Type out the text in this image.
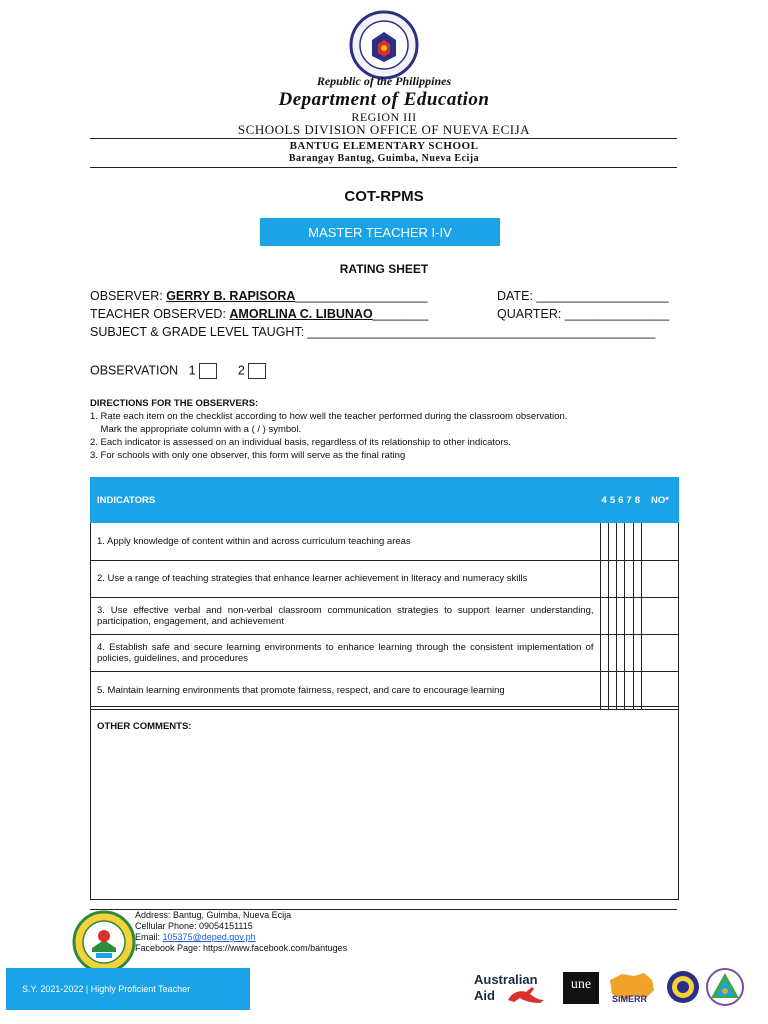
Republic of the Philippines
Department of Education
REGION III
SCHOOLS DIVISION OFFICE OF NUEVA ECIJA
BANTUG ELEMENTARY SCHOOL
Barangay Bantug, Guimba, Nueva Ecija
COT-RPMS
MASTER TEACHER I-IV
RATING SHEET
OBSERVER: GERRY B. RAPISORA___________________	DATE: ___________________
TEACHER OBSERVED: AMORLINA C. LIBUNAO________	QUARTER: _______________
SUBJECT & GRADE LEVEL TAUGHT: __________________________________________________
OBSERVATION 1	2
DIRECTIONS FOR THE OBSERVERS:
1. Rate each item on the checklist according to how well the teacher performed during the classroom observation.
Mark the appropriate column with a ( / ) symbol.
2. Each indicator is assessed on an individual basis, regardless of its relationship to other indicators.
3. For schools with only one observer, this form will serve as the final rating
INDICATORS	4	5	6	7	8	NO*
1. Apply knowledge of content within and across curriculum teaching areas						
2. Use a range of teaching strategies that enhance learner achievement in literacy and numeracy skills						
3. Use effective verbal and non-verbal classroom communication strategies to support learner understanding, participation, engagement, and achievement						
4. Establish safe and secure learning environments to enhance learning through the consistent implementation of policies, guidelines, and procedures						
5. Maintain learning environments that promote fairness, respect, and care to encourage learning						
OTHER COMMENTS:
Address: Bantug, Guimba, Nueva Ecija
Cellular Phone: 09054151115
Email: 105375@deped.gov.ph
Facebook Page: https://www.facebook.com/bantuges
S.Y. 2021-2022 | Highly Proficient Teacher
Australian
Aid
une
SiMERR
